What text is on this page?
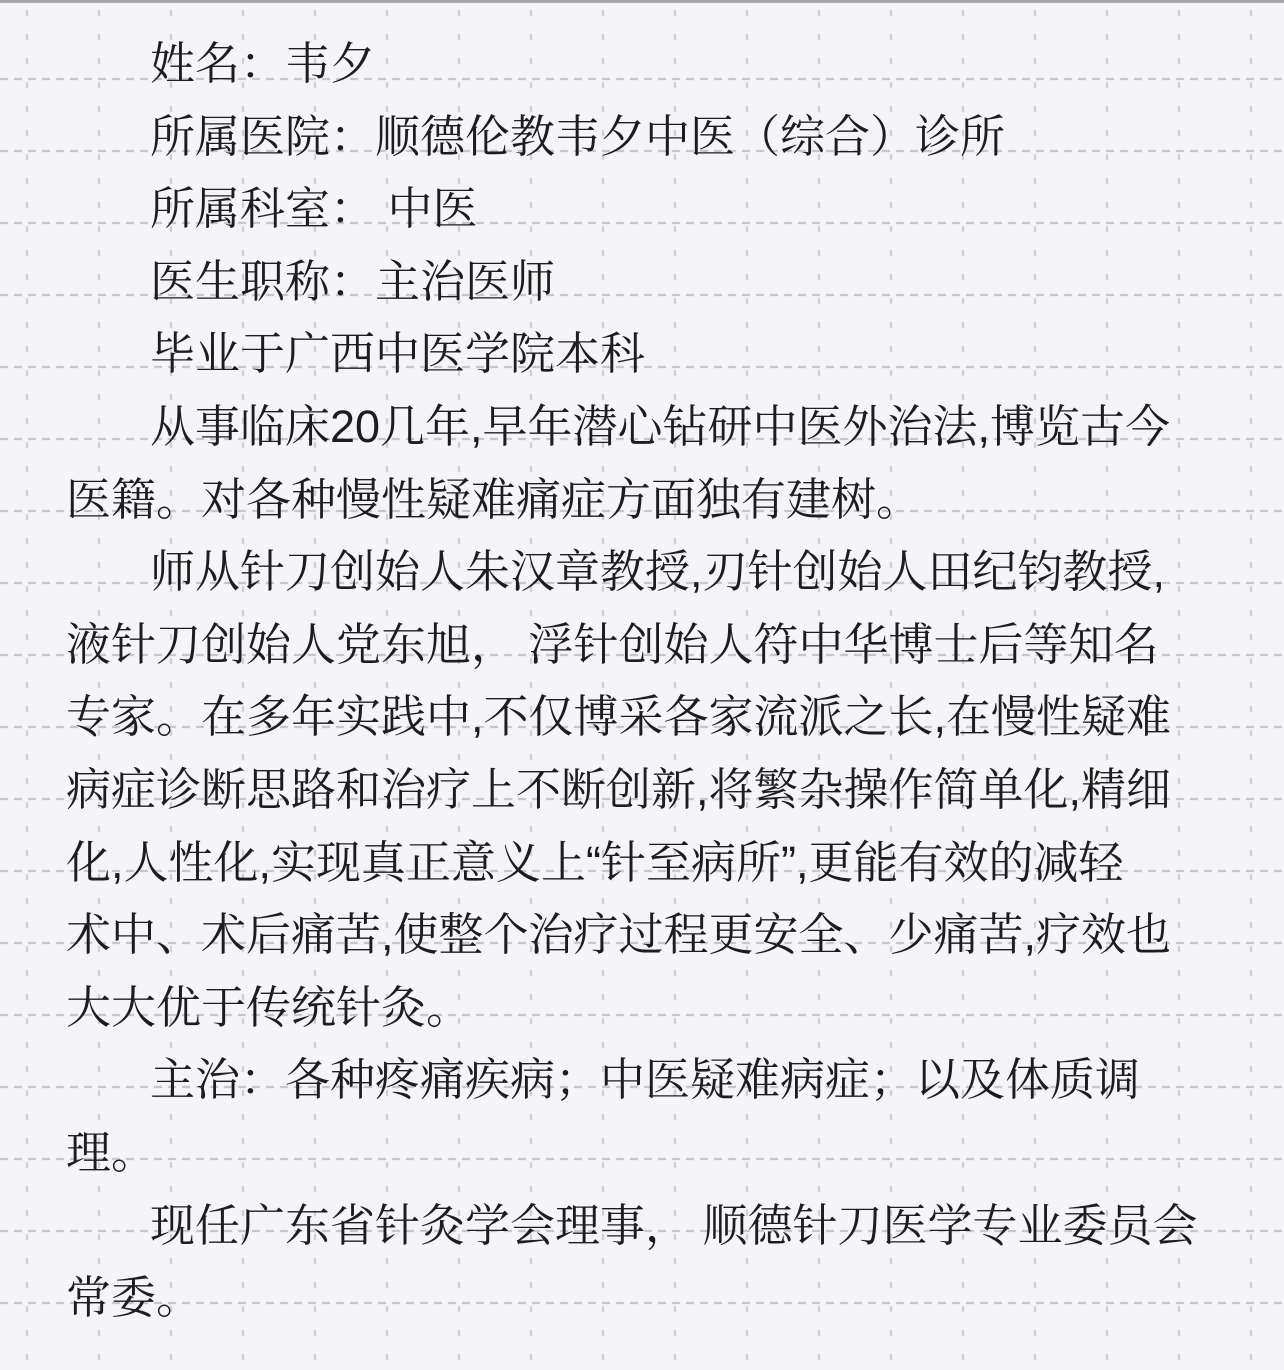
姓名：韦夕
所属医院：顺德伦教韦夕中医（综合）诊所
所属科室： 中医
医生职称：主治医师
毕业于广西中医学院本科
从事临床20几年,早年潜心钻研中医外治法,博览古今
医籍。对各种慢性疑难痛症方面独有建树。
师从针刀创始人朱汉章教授,刃针创始人田纪钧教授,
液针刀创始人党东旭， 浮针创始人符中华博士后等知名
专家。在多年实践中,不仅博采各家流派之长,在慢性疑难
病症诊断思路和治疗上不断创新,将繁杂操作简单化,精细
化,人性化,实现真正意义上“针至病所”,更能有效的减轻
术中、术后痛苦,使整个治疗过程更安全、少痛苦,疗效也
大大优于传统针灸。
主治：各种疼痛疾病；中医疑难病症；以及体质调
理。
现任广东省针灸学会理事， 顺德针刀医学专业委员会
常委。
